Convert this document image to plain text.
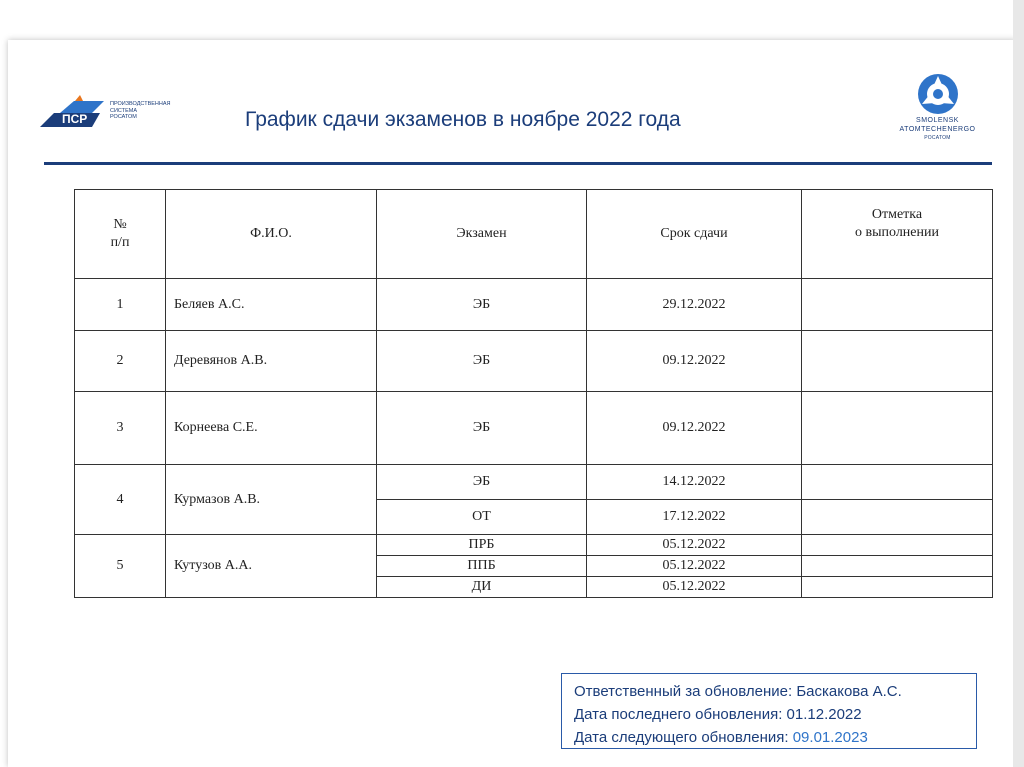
ПСР
ПРОИЗВОДСТВЕННАЯ
СИСТЕМА
РОСАТОМ	График сдачи экзаменов в ноябре 2022 года	SMOLENSK
ATOMTECHENERGO
РОСАТОМ
№
п/п	Ф.И.О.	Экзамен	Срок сдачи	Отметка
о выполнении
1	Беляев А.С.	ЭБ	29.12.2022	
2	Деревянов А.В.	ЭБ	09.12.2022	
3	Корнеева С.Е.	ЭБ	09.12.2022	
4	Курмазов А.В.	ЭБ	14.12.2022	
		ОТ	17.12.2022	
5	Кутузов А.А.	ПРБ	05.12.2022	
		ППБ	05.12.2022	
		ДИ	05.12.2022	
Ответственный за обновление: Баскакова А.С.
Дата последнего обновления: 01.12.2022
Дата следующего обновления: 09.01.2023
